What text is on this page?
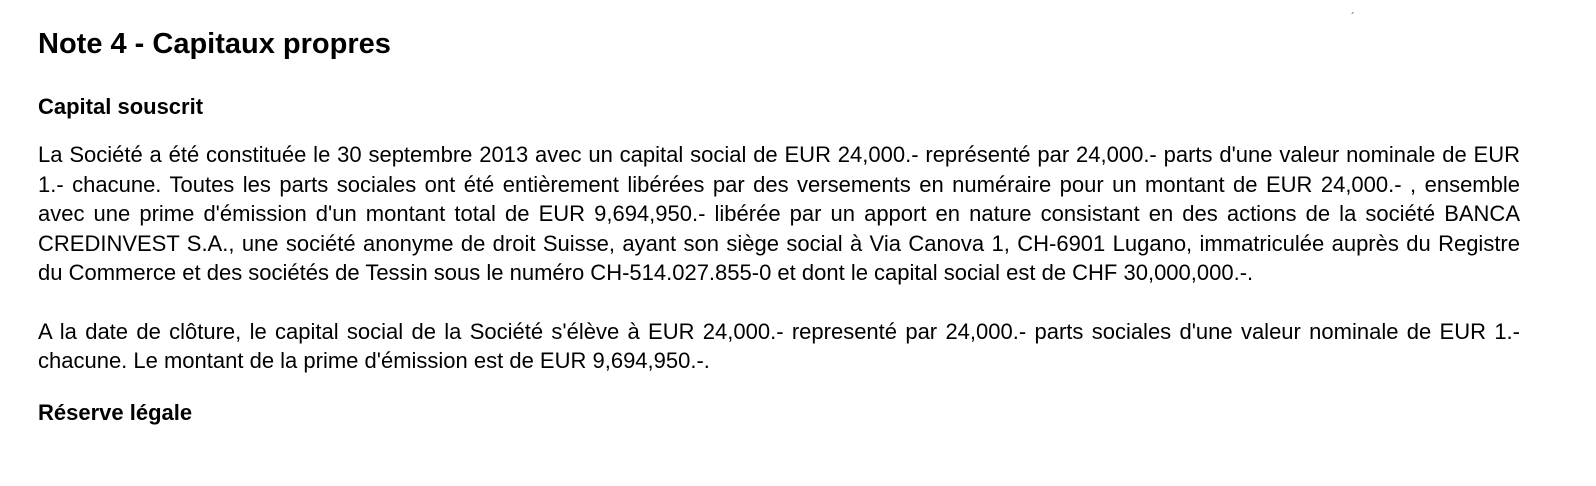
´
Note 4 - Capitaux propres
Capital souscrit

La Société a été constituée le 30 septembre 2013 avec un capital social de EUR 24,000.- représenté par 24,000.- parts d'une valeur nominale de EUR 1.- chacune. Toutes les parts sociales ont été entièrement libérées par des versements en numéraire pour un montant de EUR 24,000.- , ensemble avec une prime d'émission d'un montant total de EUR 9,694,950.- libérée par un apport en nature consistant en des actions de la société BANCA CREDINVEST S.A., une société anonyme de droit Suisse, ayant son siège social à Via Canova 1, CH-6901 Lugano, immatriculée auprès du Registre du Commerce et des sociétés de Tessin sous le numéro CH-514.027.855-0 et dont le capital social est de CHF 30,000,000.-.

A la date de clôture, le capital social de la Société s'élève à EUR 24,000.- representé par 24,000.- parts sociales d'une valeur nominale de EUR 1.- chacune. Le montant de la prime d'émission est de EUR 9,694,950.-.

Réserve légale
